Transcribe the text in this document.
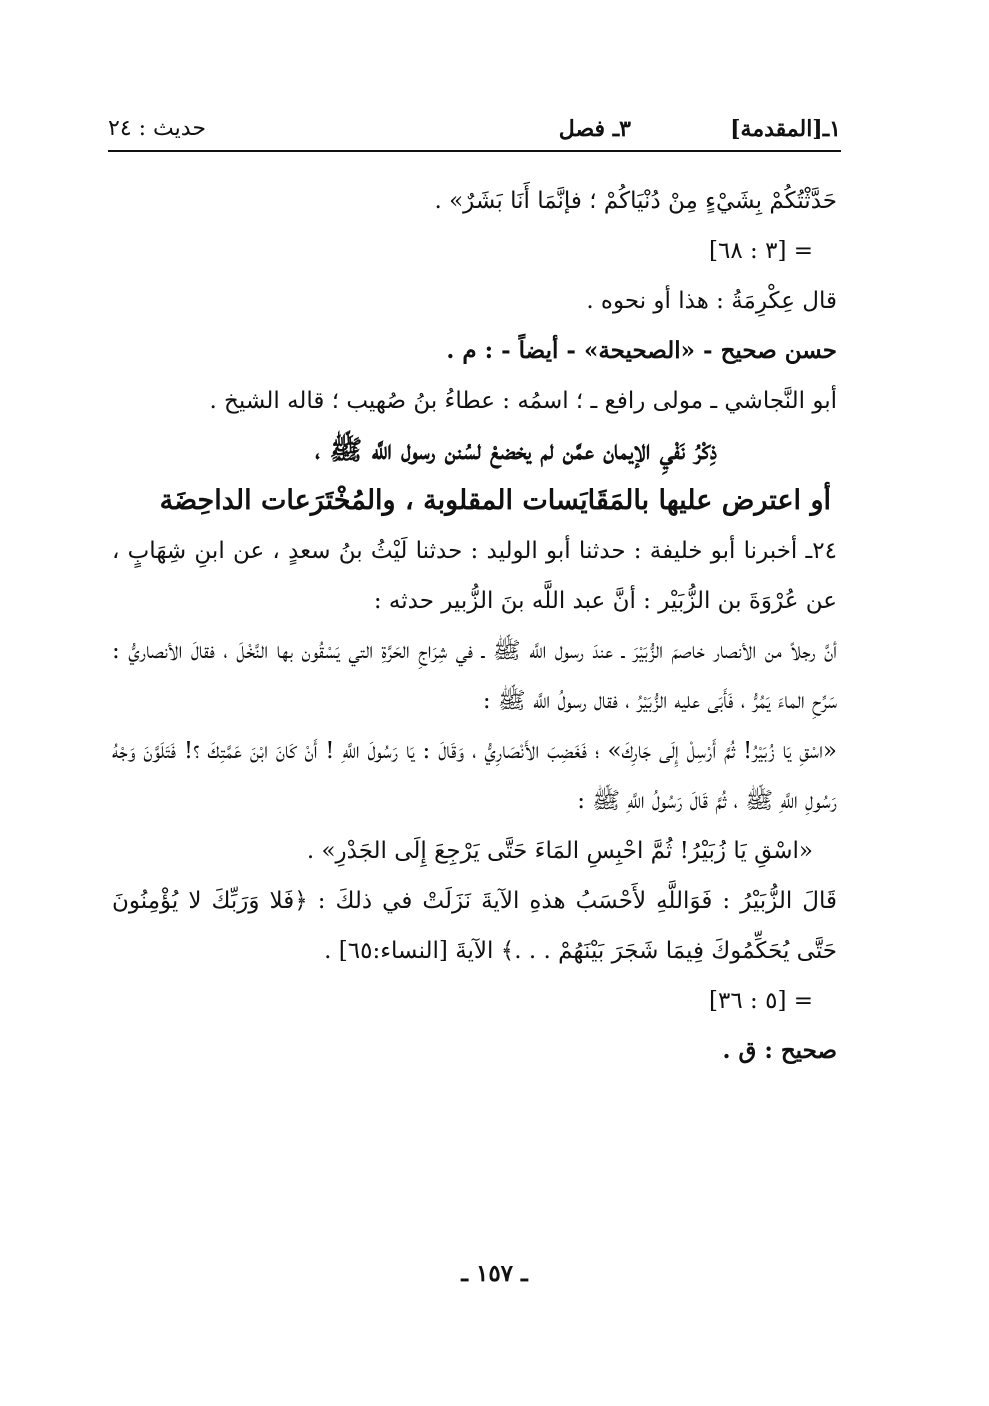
١ـ[المقدمة]
٣ـ فصل
حديث : ٢٤

حَدَّثْتُكُمْ بِشَيْءٍ مِنْ دُنْيَاكُمْ ؛ فإنَّمَا أَنَا بَشَرٌ» .

= [٣ : ٦٨]

قال عِكْرِمَةُ : هذا أو نحوه .

حسن صحيح - «الصحيحة» - أيضاً - : م .

أبو النَّجاشي ـ مولى رافع ـ ؛ اسمُه : عطاءُ بنُ صُهيب ؛ قاله الشيخ .

ذِكْرُ نَفْيِ الإيمان عمَّن لم يخضعْ لسُنن رسول اللَّه ﷺ ،

أو اعترض عليها بالمَقَايَسات المقلوبة ، والمُخْتَرَعات الداحِضَة

٢٤ـ أخبرنا أبو خليفة : حدثنا أبو الوليد : حدثنا لَيْثُ بنُ سعدٍ ، عن ابنِ شِهَابٍ ، عن عُرْوَةَ بن الزُّبَيْر : أنَّ عبد اللَّه بنَ الزُّبير حدثه :

أنَّ رجلاً من الأنصار خاصمَ الزُّبَيْرَ ـ عندَ رسول اللَّه ﷺ ـ في شِرَاجِ الحَرَّةِ التي يَسْقُون بها النَّخْلَ ، فقالَ الأنصاريُّ : سَرِّحِ الماءَ يَمُرُّ ، فَأَبَى عليه الزُّبَيْرُ ، فقال رسولُ اللَّه ﷺ :

«اسْقِ يَا زُبَيْرُ! ثُمَّ أَرْسِلْ إِلَى جَارِكَ» ؛ فَغَضِبَ الأَنْصَارِيُّ ، وَقَالَ : يَا رَسُولَ اللَّهِ ! أَنْ كَانَ ابْنَ عَمَّتِكَ ؟! فَتَلَوَّنَ وَجْهُ رَسُولِ اللَّهِ ﷺ ، ثُمَّ قَالَ رَسُولُ اللَّهِ ﷺ :

«اسْقِ يَا زُبَيْرُ! ثُمَّ احْبِسِ المَاءَ حَتَّى يَرْجِعَ إِلَى الجَدْرِ» .

قَالَ الزُّبَيْرُ : فَوَاللَّهِ لأَحْسَبُ هذهِ الآيةَ نَزَلَتْ في ذلكَ : ﴿فَلا وَرَبِّكَ لا يُؤْمِنُونَ حَتَّى يُحَكِّمُوكَ فِيمَا شَجَرَ بَيْنَهُمْ . . .﴾ الآيةَ [النساء:٦٥] .

= [٥ : ٣٦]

صحيح : ق .

ـ ١٥٧ ـ
